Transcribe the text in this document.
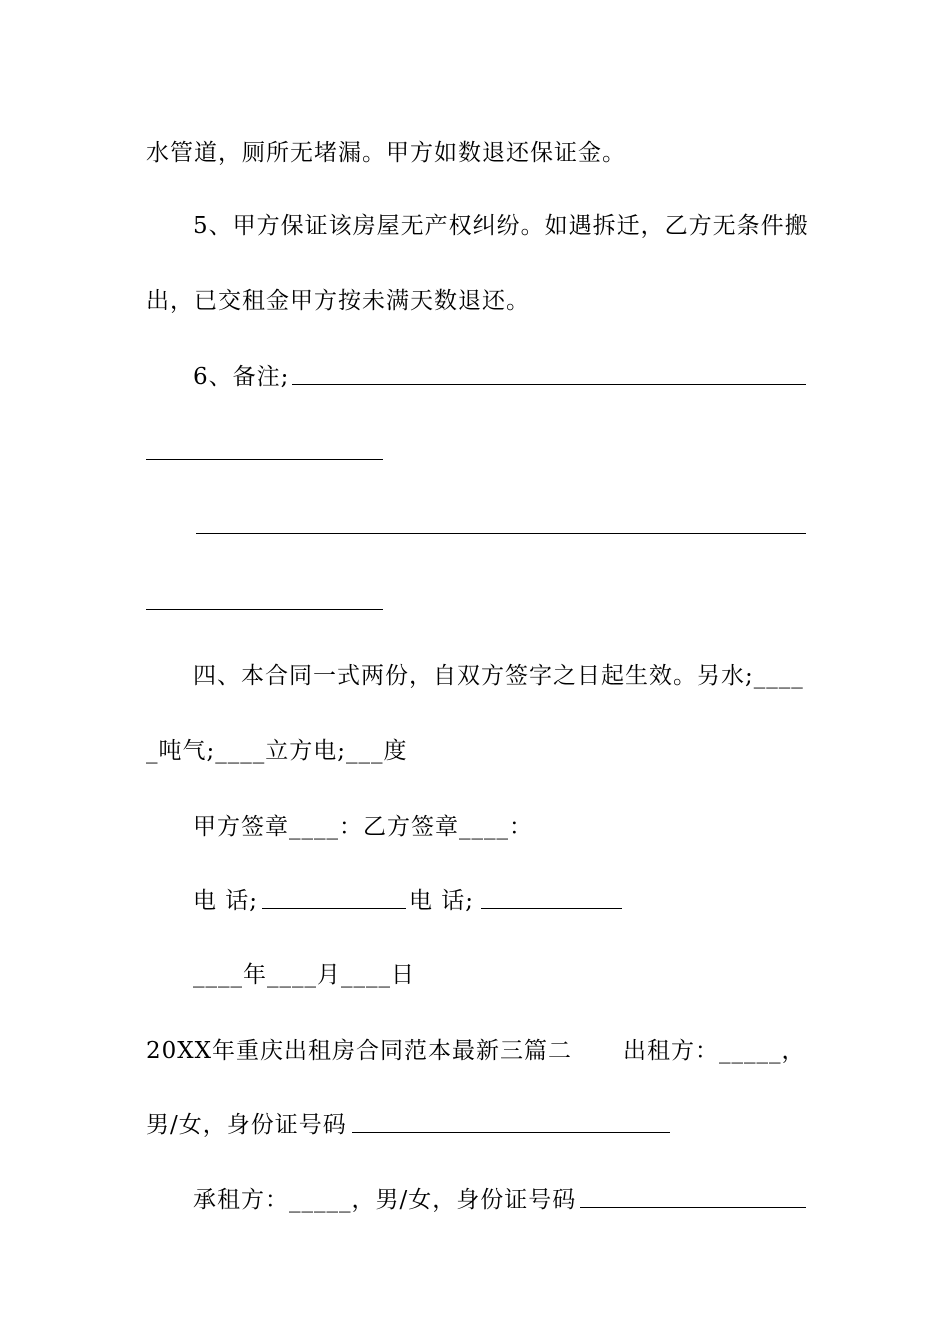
水管道，厕所无堵漏。甲方如数退还保证金。
5、甲方保证该房屋无产权纠纷。如遇拆迁，乙方无条件搬
出，已交租金甲方按未满天数退还。
6、备注;
四、本合同一式两份，自双方签字之日起生效。另水;____
_吨气;____立方电;___度
甲方签章____：乙方签章____：
电 话;	电 话;
____年____月____日
20XX年重庆出租房合同范本最新三篇二 出租方：_____，
男/女，身份证号码
承租方：_____，男/女，身份证号码
